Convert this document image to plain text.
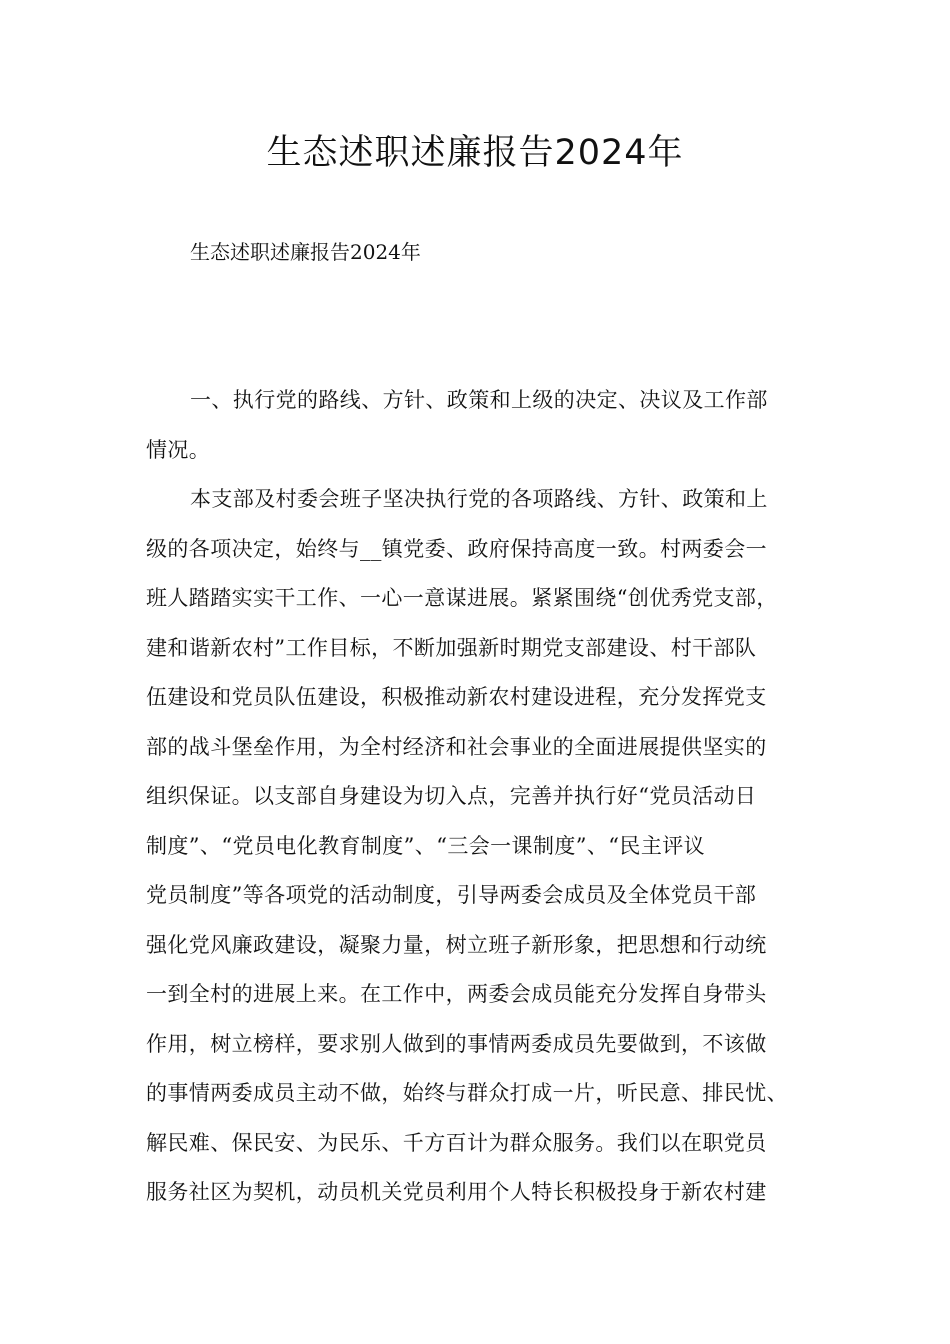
生态述职述廉报告2024年

生态述职述廉报告2024年

一、执行党的路线、方针、政策和上级的决定、决议及工作部
情况。
本支部及村委会班子坚决执行党的各项路线、方针、政策和上
级的各项决定，始终与__镇党委、政府保持高度一致。村两委会一
班人踏踏实实干工作、一心一意谋进展。紧紧围绕“创优秀党支部，
建和谐新农村”工作目标，不断加强新时期党支部建设、村干部队
伍建设和党员队伍建设，积极推动新农村建设进程，充分发挥党支
部的战斗堡垒作用，为全村经济和社会事业的全面进展提供坚实的
组织保证。以支部自身建设为切入点，完善并执行好“党员活动日
制度”、“党员电化教育制度”、“三会一课制度”、“民主评议
党员制度”等各项党的活动制度，引导两委会成员及全体党员干部
强化党风廉政建设，凝聚力量，树立班子新形象，把思想和行动统
一到全村的进展上来。在工作中，两委会成员能充分发挥自身带头
作用，树立榜样，要求别人做到的事情两委成员先要做到，不该做
的事情两委成员主动不做，始终与群众打成一片，听民意、排民忧、
解民难、保民安、为民乐、千方百计为群众服务。我们以在职党员
服务社区为契机，动员机关党员利用个人特长积极投身于新农村建
